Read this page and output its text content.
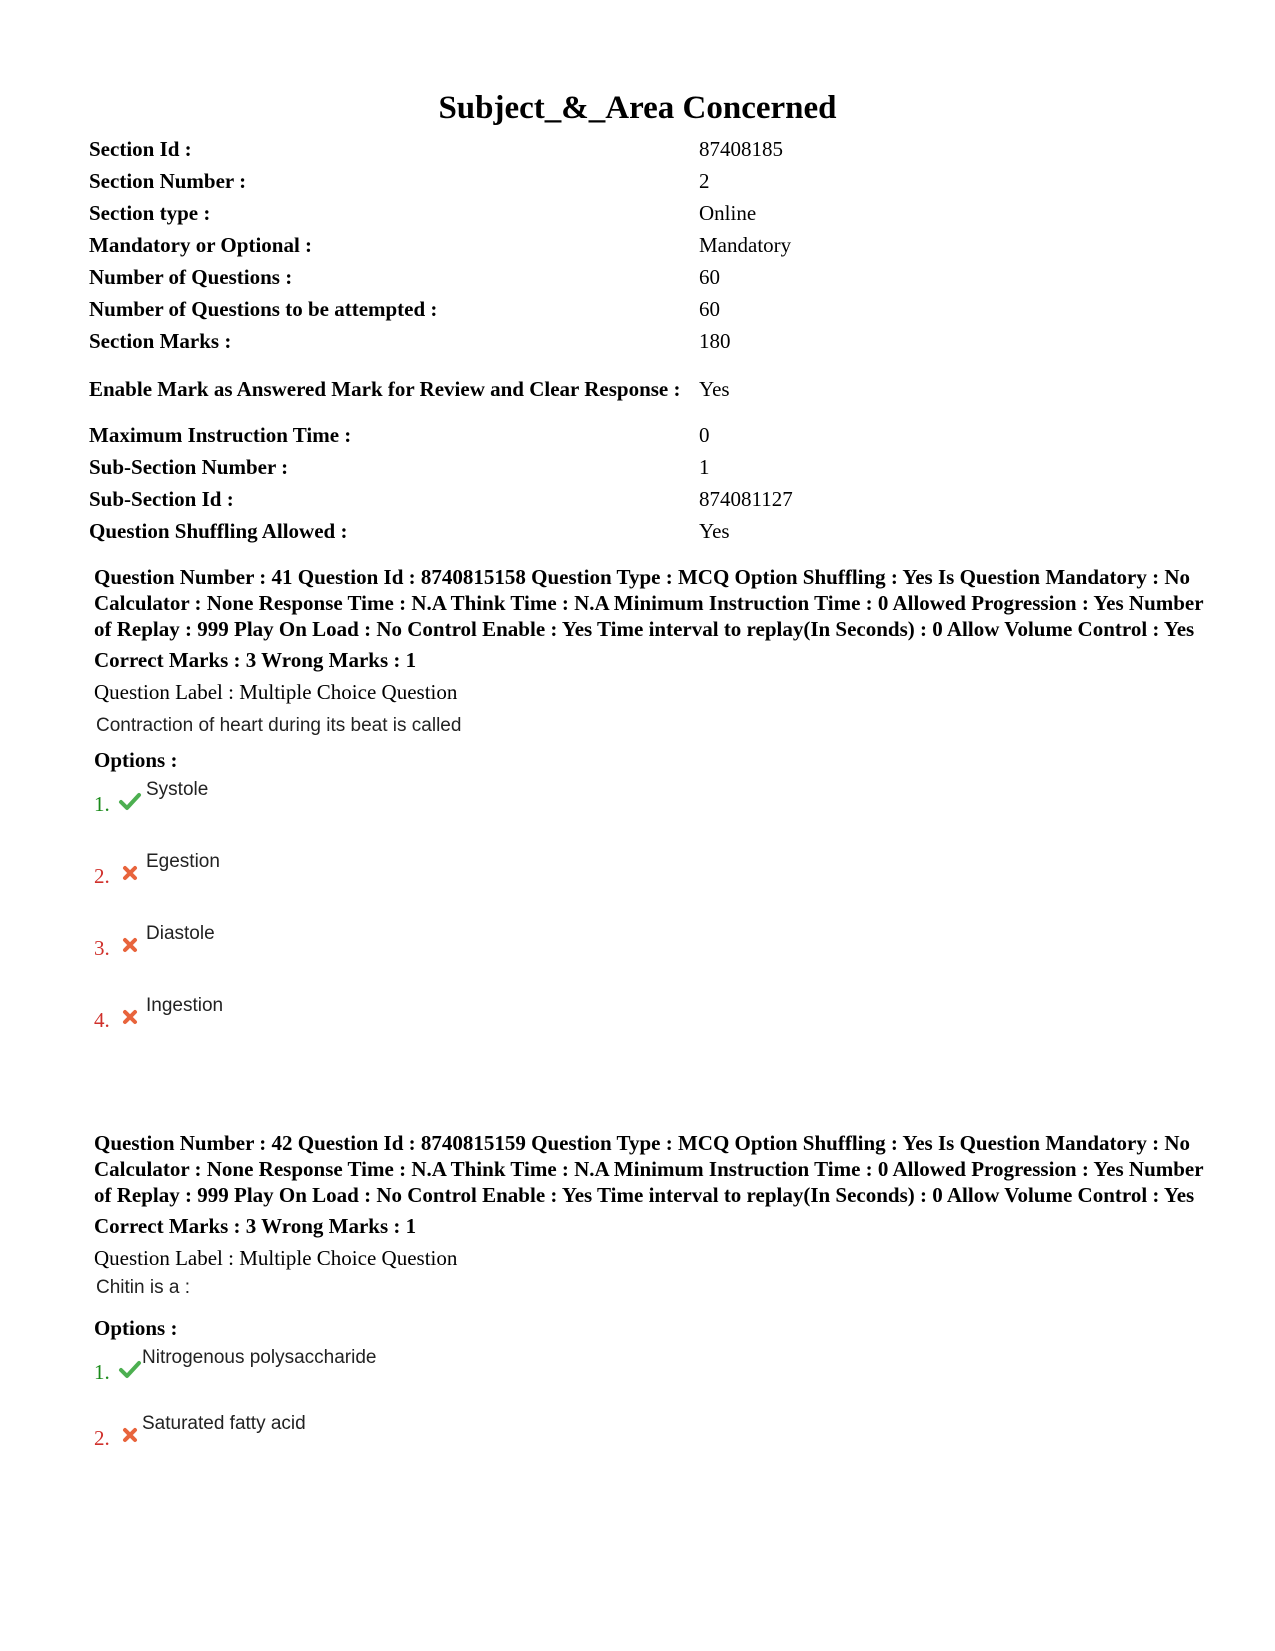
Subject_&_Area Concerned
Section Id :	87408185
Section Number :	2
Section type :	Online
Mandatory or Optional :	Mandatory
Number of Questions :	60
Number of Questions to be attempted :	60
Section Marks :	180
Enable Mark as Answered Mark for Review and Clear Response : Yes
Maximum Instruction Time :	0
Sub-Section Number :	1
Sub-Section Id :	874081127
Question Shuffling Allowed :	Yes
Question Number : 41 Question Id : 8740815158 Question Type : MCQ Option Shuffling : Yes Is Question Mandatory : No Calculator : None Response Time : N.A Think Time : N.A Minimum Instruction Time : 0 Allowed Progression : Yes Number of Replay : 999 Play On Load : No Control Enable : Yes Time interval to replay(In Seconds) : 0 Allow Volume Control : Yes
Correct Marks : 3 Wrong Marks : 1
Question Label : Multiple Choice Question
Contraction of heart during its beat is called
Options :
1.
Systole
2.
Egestion
3.
Diastole
4.
Ingestion
Question Number : 42 Question Id : 8740815159 Question Type : MCQ Option Shuffling : Yes Is Question Mandatory : No Calculator : None Response Time : N.A Think Time : N.A Minimum Instruction Time : 0 Allowed Progression : Yes Number of Replay : 999 Play On Load : No Control Enable : Yes Time interval to replay(In Seconds) : 0 Allow Volume Control : Yes
Correct Marks : 3 Wrong Marks : 1
Question Label : Multiple Choice Question
Chitin is a :
Options :
1.
Nitrogenous polysaccharide
2.
Saturated fatty acid
